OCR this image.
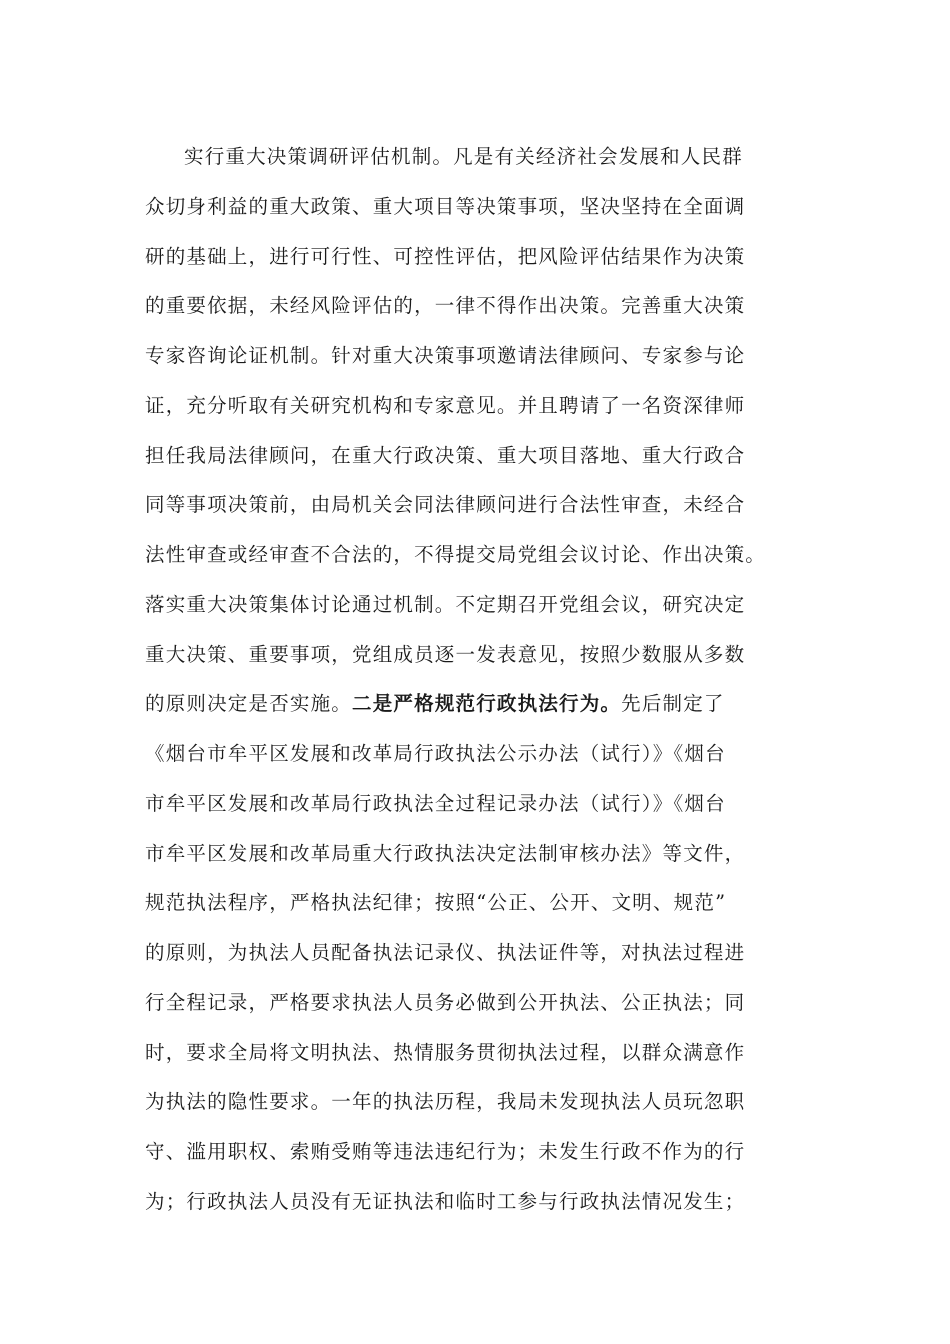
实行重大决策调研评估机制。凡是有关经济社会发展和人民群
众切身利益的重大政策、重大项目等决策事项，坚决坚持在全面调
研的基础上，进行可行性、可控性评估，把风险评估结果作为决策
的重要依据，未经风险评估的，一律不得作出决策。完善重大决策
专家咨询论证机制。针对重大决策事项邀请法律顾问、专家参与论
证，充分听取有关研究机构和专家意见。并且聘请了一名资深律师
担任我局法律顾问，在重大行政决策、重大项目落地、重大行政合
同等事项决策前，由局机关会同法律顾问进行合法性审查，未经合
法性审查或经审查不合法的，不得提交局党组会议讨论、作出决策。
落实重大决策集体讨论通过机制。不定期召开党组会议，研究决定
重大决策、重要事项，党组成员逐一发表意见，按照少数服从多数
的原则决定是否实施。二是严格规范行政执法行为。先后制定了
《烟台市牟平区发展和改革局行政执法公示办法（试行）》《烟台
市牟平区发展和改革局行政执法全过程记录办法（试行）》《烟台
市牟平区发展和改革局重大行政执法决定法制审核办法》等文件，
规范执法程序，严格执法纪律；按照“公正、公开、文明、规范”
的原则，为执法人员配备执法记录仪、执法证件等，对执法过程进
行全程记录，严格要求执法人员务必做到公开执法、公正执法；同
时，要求全局将文明执法、热情服务贯彻执法过程，以群众满意作
为执法的隐性要求。一年的执法历程，我局未发现执法人员玩忽职
守、滥用职权、索贿受贿等违法违纪行为；未发生行政不作为的行
为；行政执法人员没有无证执法和临时工参与行政执法情况发生；
